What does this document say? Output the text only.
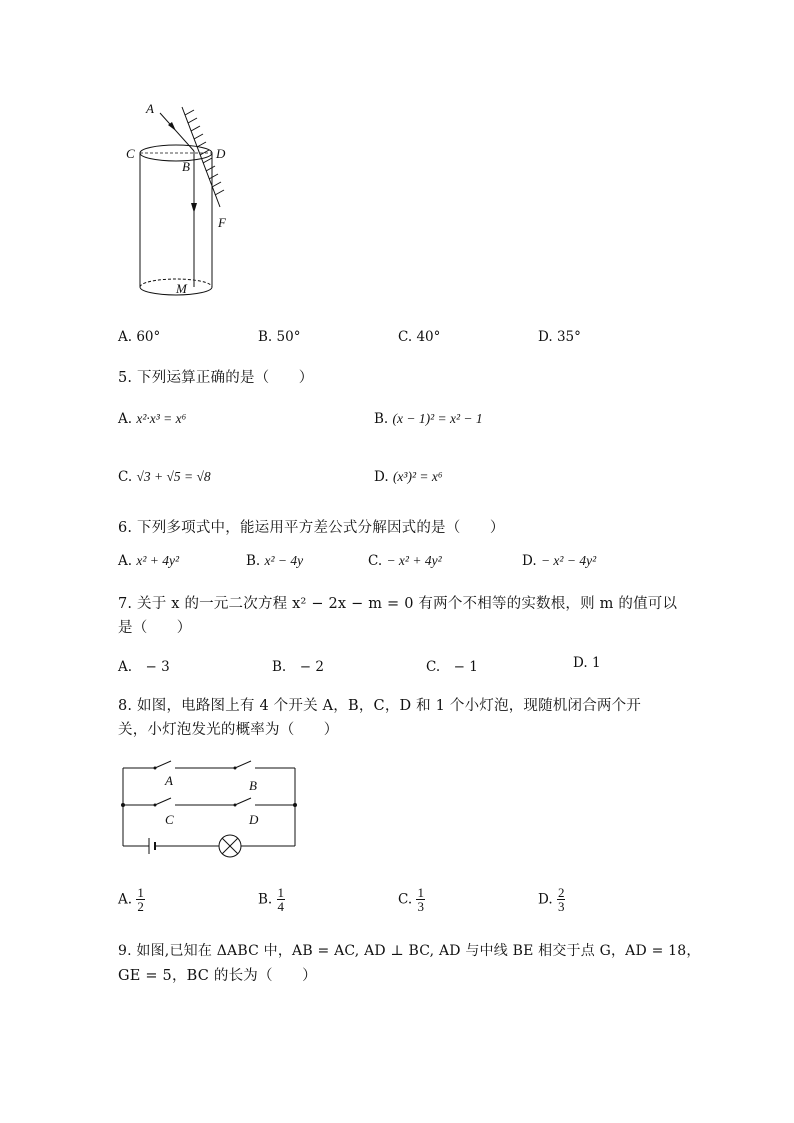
A
C	D
B
F
M
A. 60°	B. 50°	C. 40°	D. 35°
5. 下列运算正确的是（　　）
A. x²·x³ = x⁶	B. (x − 1)² = x² − 1
C. √3 + √5 = √8	D. (x³)² = x⁶
6. 下列多项式中，能运用平方差公式分解因式的是（　　）
A. x² + 4y²	B. x² − 4y	C. − x² + 4y²	D. − x² − 4y²
7. 关于 x 的一元二次方程 x² − 2x − m = 0 有两个不相等的实数根，则 m 的值可以
是（　　）
A.　 − 3	B.　 − 2	C.　 − 1	D. 1
8. 如图，电路图上有 4 个开关 A，B，C，D 和 1 个小灯泡，现随机闭合两个开
关，小灯泡发光的概率为（　　）
A	B
C	D
A. $\frac{1}{2}$	B. $\frac{1}{4}$	C. $\frac{1}{3}$	D. $\frac{2}{3}$
9. 如图,已知在 ΔABC 中，AB = AC, AD ⊥ BC, AD 与中线 BE 相交于点 G，AD = 18，
GE = 5，BC 的长为（　　）
